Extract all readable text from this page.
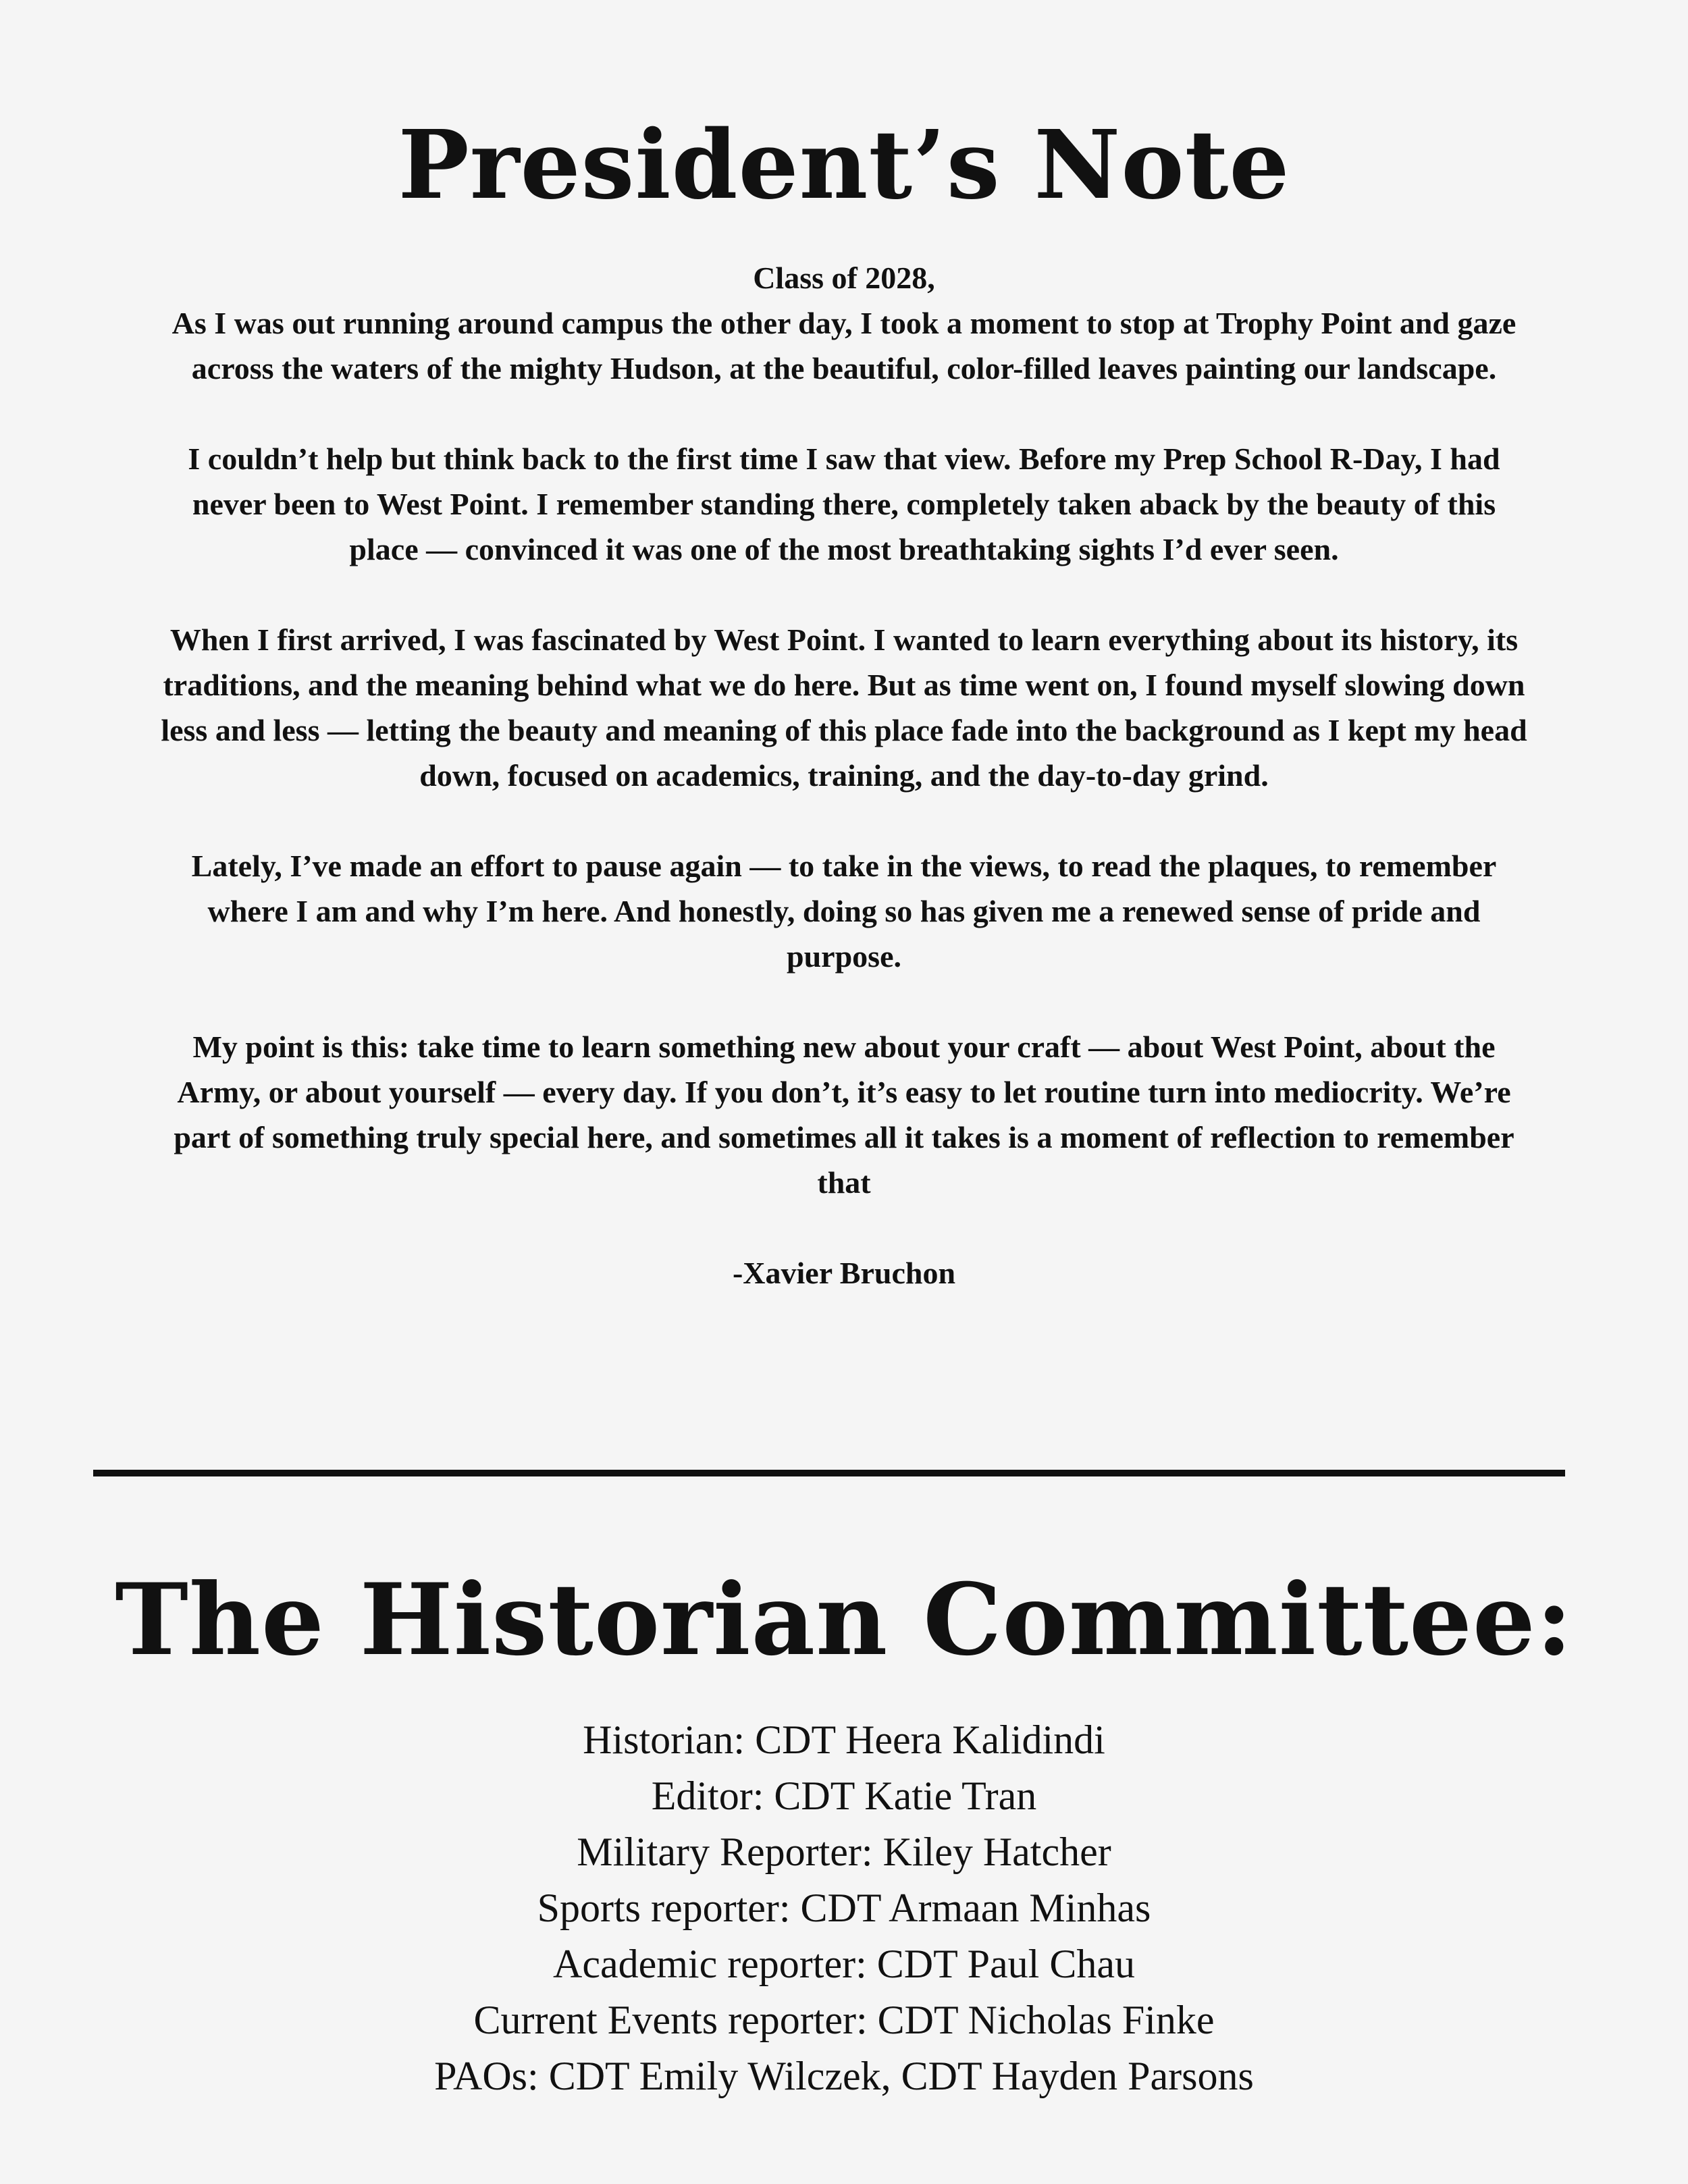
President’s Note

Class of 2028,

As I was out running around campus the other day, I took a moment to stop at Trophy Point and gaze across the waters of the mighty Hudson, at the beautiful, color-filled leaves painting our landscape.

I couldn’t help but think back to the first time I saw that view. Before my Prep School R-Day, I had never been to West Point. I remember standing there, completely taken aback by the beauty of this place — convinced it was one of the most breathtaking sights I’d ever seen.

When I first arrived, I was fascinated by West Point. I wanted to learn everything about its history, its traditions, and the meaning behind what we do here. But as time went on, I found myself slowing down less and less — letting the beauty and meaning of this place fade into the background as I kept my head down, focused on academics, training, and the day-to-day grind.

Lately, I’ve made an effort to pause again — to take in the views, to read the plaques, to remember where I am and why I’m here. And honestly, doing so has given me a renewed sense of pride and purpose.

My point is this: take time to learn something new about your craft — about West Point, about the Army, or about yourself — every day. If you don’t, it’s easy to let routine turn into mediocrity. We’re part of something truly special here, and sometimes all it takes is a moment of reflection to remember that

-Xavier Bruchon

The Historian Committee:
Historian: CDT Heera Kalidindi
Editor: CDT Katie Tran
Military Reporter: Kiley Hatcher
Sports reporter: CDT Armaan Minhas
Academic reporter: CDT Paul Chau
Current Events reporter: CDT Nicholas Finke
PAOs: CDT Emily Wilczek, CDT Hayden Parsons
